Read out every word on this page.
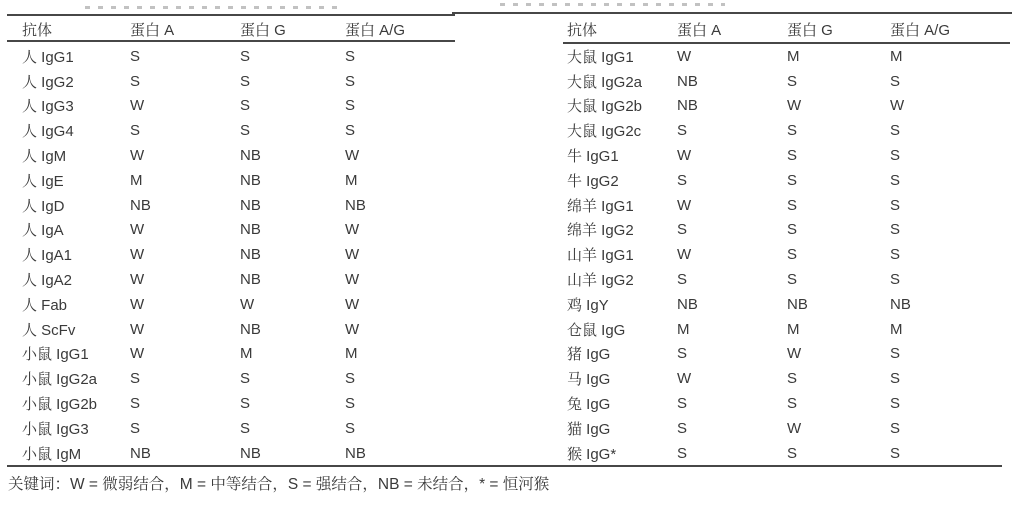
抗体	蛋白 A	蛋白 G	蛋白 A/G
人 IgG1	S	S	S
人 IgG2	S	S	S
人 IgG3	W	S	S
人 IgG4	S	S	S
人 IgM	W	NB	W
人 IgE	M	NB	M
人 IgD	NB	NB	NB
人 IgA	W	NB	W
人 IgA1	W	NB	W
人 IgA2	W	NB	W
人 Fab	W	W	W
人 ScFv	W	NB	W
小鼠 IgG1	W	M	M
小鼠 IgG2a	S	S	S
小鼠 IgG2b	S	S	S
小鼠 IgG3	S	S	S
小鼠 IgM	NB	NB	NB
抗体	蛋白 A	蛋白 G	蛋白 A/G
大鼠 IgG1	W	M	M
大鼠 IgG2a	NB	S	S
大鼠 IgG2b	NB	W	W
大鼠 IgG2c	S	S	S
牛 IgG1	W	S	S
牛 IgG2	S	S	S
绵羊 IgG1	W	S	S
绵羊 IgG2	S	S	S
山羊 IgG1	W	S	S
山羊 IgG2	S	S	S
鸡 IgY	NB	NB	NB
仓鼠 IgG	M	M	M
猪 IgG	S	W	S
马 IgG	W	S	S
兔 IgG	S	S	S
猫 IgG	S	W	S
猴 IgG*	S	S	S
关键词：W = 微弱结合，M = 中等结合，S = 强结合，NB = 未结合，* = 恒河猴
